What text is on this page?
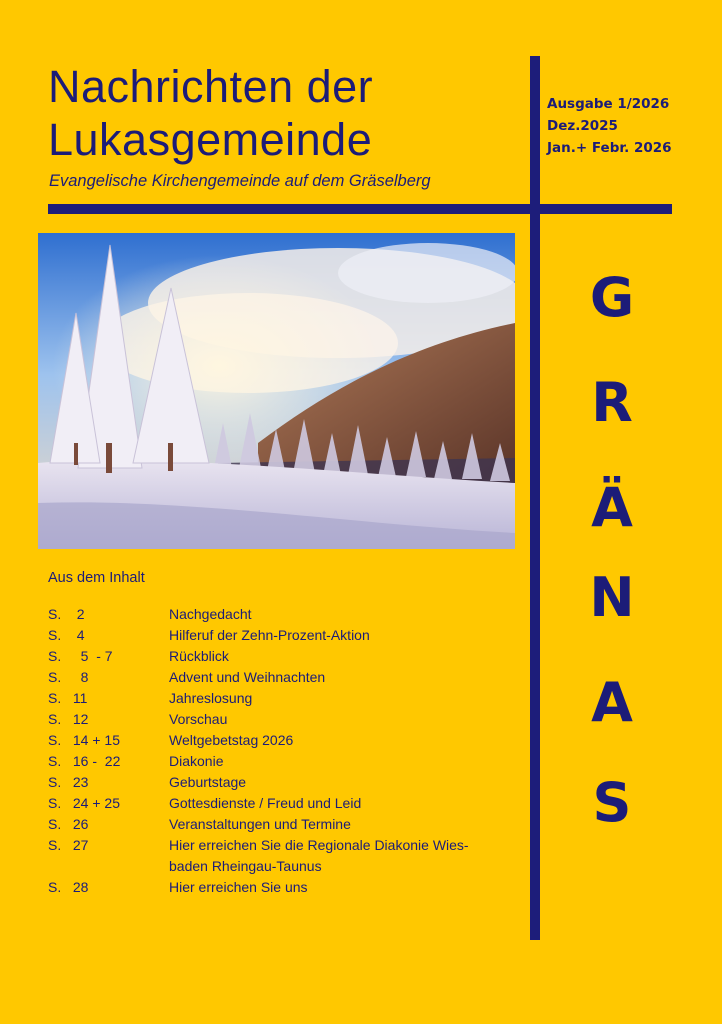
Nachrichten der
Lukasgemeinde
Evangelische Kirchengemeinde auf dem Gräselberg
Ausgabe 1/2026
Dez.2025
Jan.+ Febr. 2026
G
R
Ä
N
A
S
Aus dem Inhalt
S.    2	Nachgedacht
S.    4	Hilferuf der Zehn-Prozent-Aktion
S.     5  - 7	Rückblick
S.     8	Advent und Weihnachten
S.   11	Jahreslosung
S.   12	Vorschau
S.   14 + 15	Weltgebetstag 2026
S.   16 -  22	Diakonie
S.   23	Geburtstage
S.   24 + 25	Gottesdienste / Freud und Leid
S.   26	Veranstaltungen und Termine
S.   27	Hier erreichen Sie die Regionale Diakonie Wies-
baden Rheingau-Taunus
S.   28	Hier erreichen Sie uns
